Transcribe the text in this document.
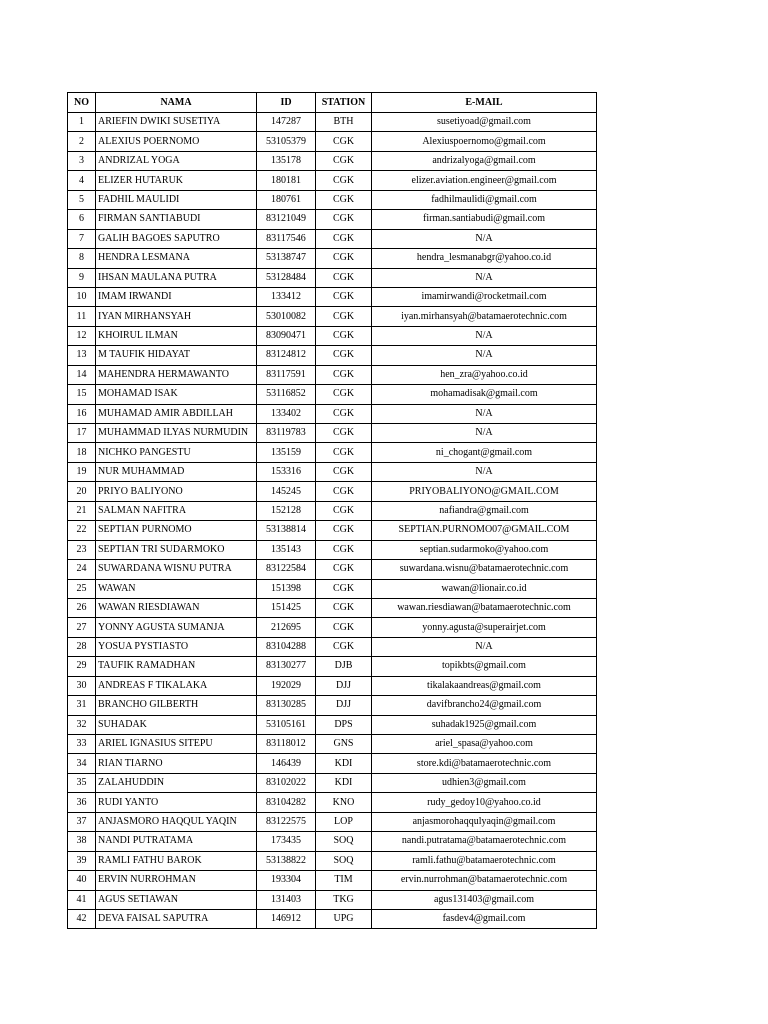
NO	NAMA	ID	STATION	E-MAIL
1	ARIEFIN DWIKI SUSETIYA	147287	BTH	susetiyoad@gmail.com
2	ALEXIUS POERNOMO	53105379	CGK	Alexiuspoernomo@gmail.com
3	ANDRIZAL YOGA	135178	CGK	andrizalyoga@gmail.com
4	ELIZER HUTARUK	180181	CGK	elizer.aviation.engineer@gmail.com
5	FADHIL MAULIDI	180761	CGK	fadhilmaulidi@gmail.com
6	FIRMAN SANTIABUDI	83121049	CGK	firman.santiabudi@gmail.com
7	GALIH BAGOES SAPUTRO	83117546	CGK	N/A
8	HENDRA LESMANA	53138747	CGK	hendra_lesmanabgr@yahoo.co.id
9	IHSAN MAULANA PUTRA	53128484	CGK	N/A
10	IMAM IRWANDI	133412	CGK	imamirwandi@rocketmail.com
11	IYAN MIRHANSYAH	53010082	CGK	iyan.mirhansyah@batamaerotechnic.com
12	KHOIRUL ILMAN	83090471	CGK	N/A
13	M TAUFIK HIDAYAT	83124812	CGK	N/A
14	MAHENDRA HERMAWANTO	83117591	CGK	hen_zra@yahoo.co.id
15	MOHAMAD ISAK	53116852	CGK	mohamadisak@gmail.com
16	MUHAMAD AMIR ABDILLAH	133402	CGK	N/A
17	MUHAMMAD ILYAS NURMUDIN	83119783	CGK	N/A
18	NICHKO PANGESTU	135159	CGK	ni_chogant@gmail.com
19	NUR MUHAMMAD	153316	CGK	N/A
20	PRIYO BALIYONO	145245	CGK	PRIYOBALIYONO@GMAIL.COM
21	SALMAN NAFITRA	152128	CGK	nafiandra@gmail.com
22	SEPTIAN PURNOMO	53138814	CGK	SEPTIAN.PURNOMO07@GMAIL.COM
23	SEPTIAN TRI SUDARMOKO	135143	CGK	septian.sudarmoko@yahoo.com
24	SUWARDANA WISNU PUTRA	83122584	CGK	suwardana.wisnu@batamaerotechnic.com
25	WAWAN	151398	CGK	wawan@lionair.co.id
26	WAWAN RIESDIAWAN	151425	CGK	wawan.riesdiawan@batamaerotechnic.com
27	YONNY AGUSTA SUMANJA	212695	CGK	yonny.agusta@superairjet.com
28	YOSUA PYSTIASTO	83104288	CGK	N/A
29	TAUFIK RAMADHAN	83130277	DJB	topikbts@gmail.com
30	ANDREAS F TIKALAKA	192029	DJJ	tikalakaandreas@gmail.com
31	BRANCHO GILBERTH	83130285	DJJ	davifbrancho24@gmail.com
32	SUHADAK	53105161	DPS	suhadak1925@gmail.com
33	ARIEL IGNASIUS SITEPU	83118012	GNS	ariel_spasa@yahoo.com
34	RIAN TIARNO	146439	KDI	store.kdi@batamaerotechnic.com
35	ZALAHUDDIN	83102022	KDI	udhien3@gmail.com
36	RUDI YANTO	83104282	KNO	rudy_gedoy10@yahoo.co.id
37	ANJASMORO HAQQUL YAQIN	83122575	LOP	anjasmorohaqqulyaqin@gmail.com
38	NANDI PUTRATAMA	173435	SOQ	nandi.putratama@batamaerotechnic.com
39	RAMLI FATHU BAROK	53138822	SOQ	ramli.fathu@batamaerotechnic.com
40	ERVIN NURROHMAN	193304	TIM	ervin.nurrohman@batamaerotechnic.com
41	AGUS SETIAWAN	131403	TKG	agus131403@gmail.com
42	DEVA FAISAL SAPUTRA	146912	UPG	fasdev4@gmail.com
